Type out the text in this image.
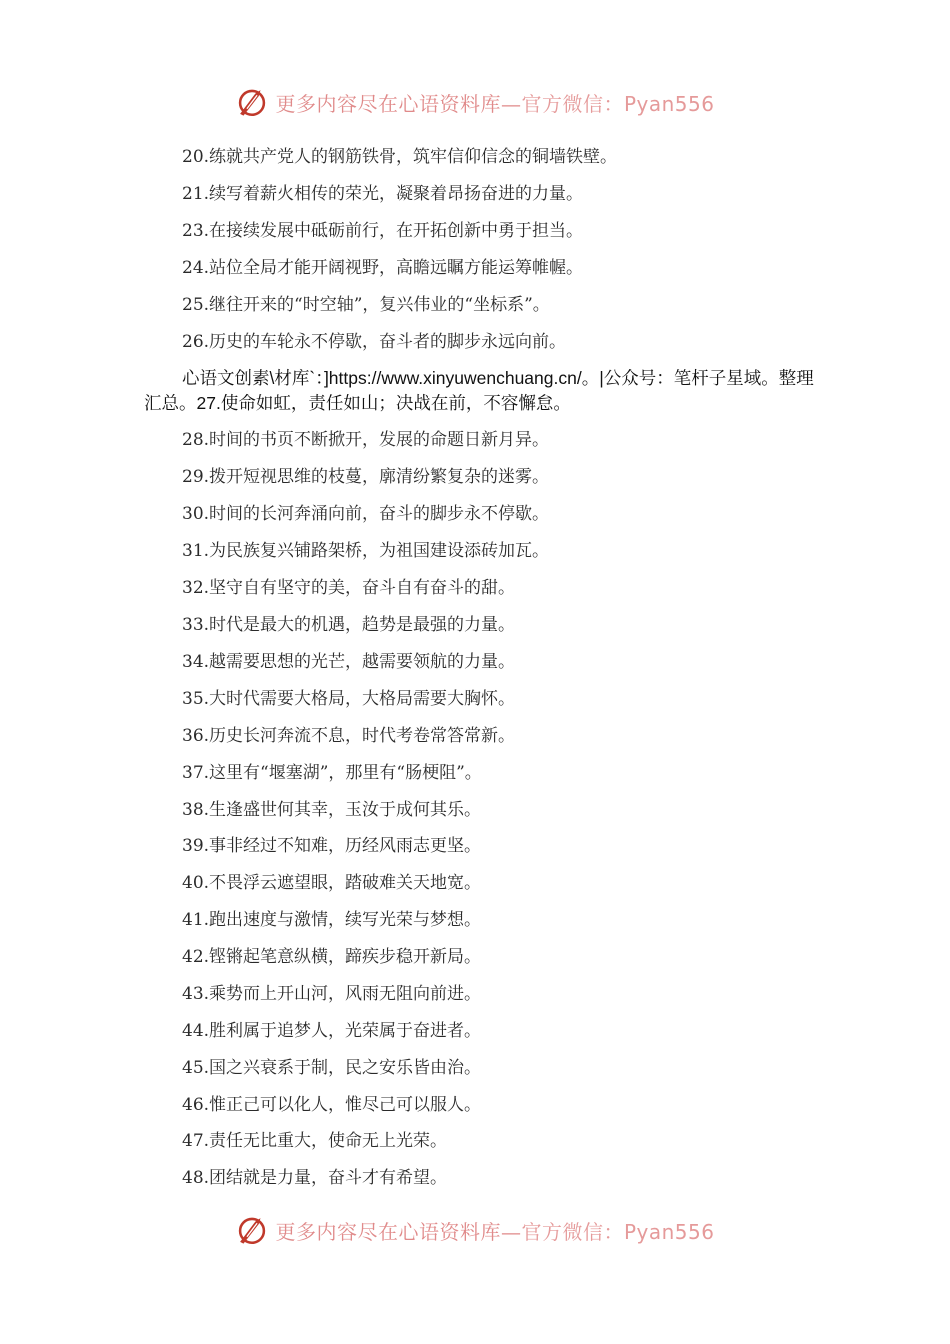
更多内容尽在心语资料库—官方微信：Pyan556
20.练就共产党人的钢筋铁骨，筑牢信仰信念的铜墙铁壁。
21.续写着薪火相传的荣光，凝聚着昂扬奋进的力量。
23.在接续发展中砥砺前行，在开拓创新中勇于担当。
24.站位全局才能开阔视野，高瞻远瞩方能运筹帷幄。
25.继往开来的“时空轴”，复兴伟业的“坐标系”。
26.历史的车轮永不停歇，奋斗者的脚步永远向前。
心语文创素\材库`：]https://www.xinyuwenchuang.cn/。|公众号：笔杆子星域。整理汇总。27.使命如虹，责任如山；决战在前，不容懈怠。
28.时间的书页不断掀开，发展的命题日新月异。
29.拨开短视思维的枝蔓，廓清纷繁复杂的迷雾。
30.时间的长河奔涌向前，奋斗的脚步永不停歇。
31.为民族复兴铺路架桥，为祖国建设添砖加瓦。
32.坚守自有坚守的美，奋斗自有奋斗的甜。
33.时代是最大的机遇，趋势是最强的力量。
34.越需要思想的光芒，越需要领航的力量。
35.大时代需要大格局，大格局需要大胸怀。
36.历史长河奔流不息，时代考卷常答常新。
37.这里有“堰塞湖”，那里有“肠梗阻”。
38.生逢盛世何其幸，玉汝于成何其乐。
39.事非经过不知难，历经风雨志更坚。
40.不畏浮云遮望眼，踏破难关天地宽。
41.跑出速度与激情，续写光荣与梦想。
42.铿锵起笔意纵横，蹄疾步稳开新局。
43.乘势而上开山河，风雨无阻向前进。
44.胜利属于追梦人，光荣属于奋进者。
45.国之兴衰系于制，民之安乐皆由治。
46.惟正己可以化人，惟尽己可以服人。
47.责任无比重大，使命无上光荣。
48.团结就是力量，奋斗才有希望。
更多内容尽在心语资料库—官方微信：Pyan556
